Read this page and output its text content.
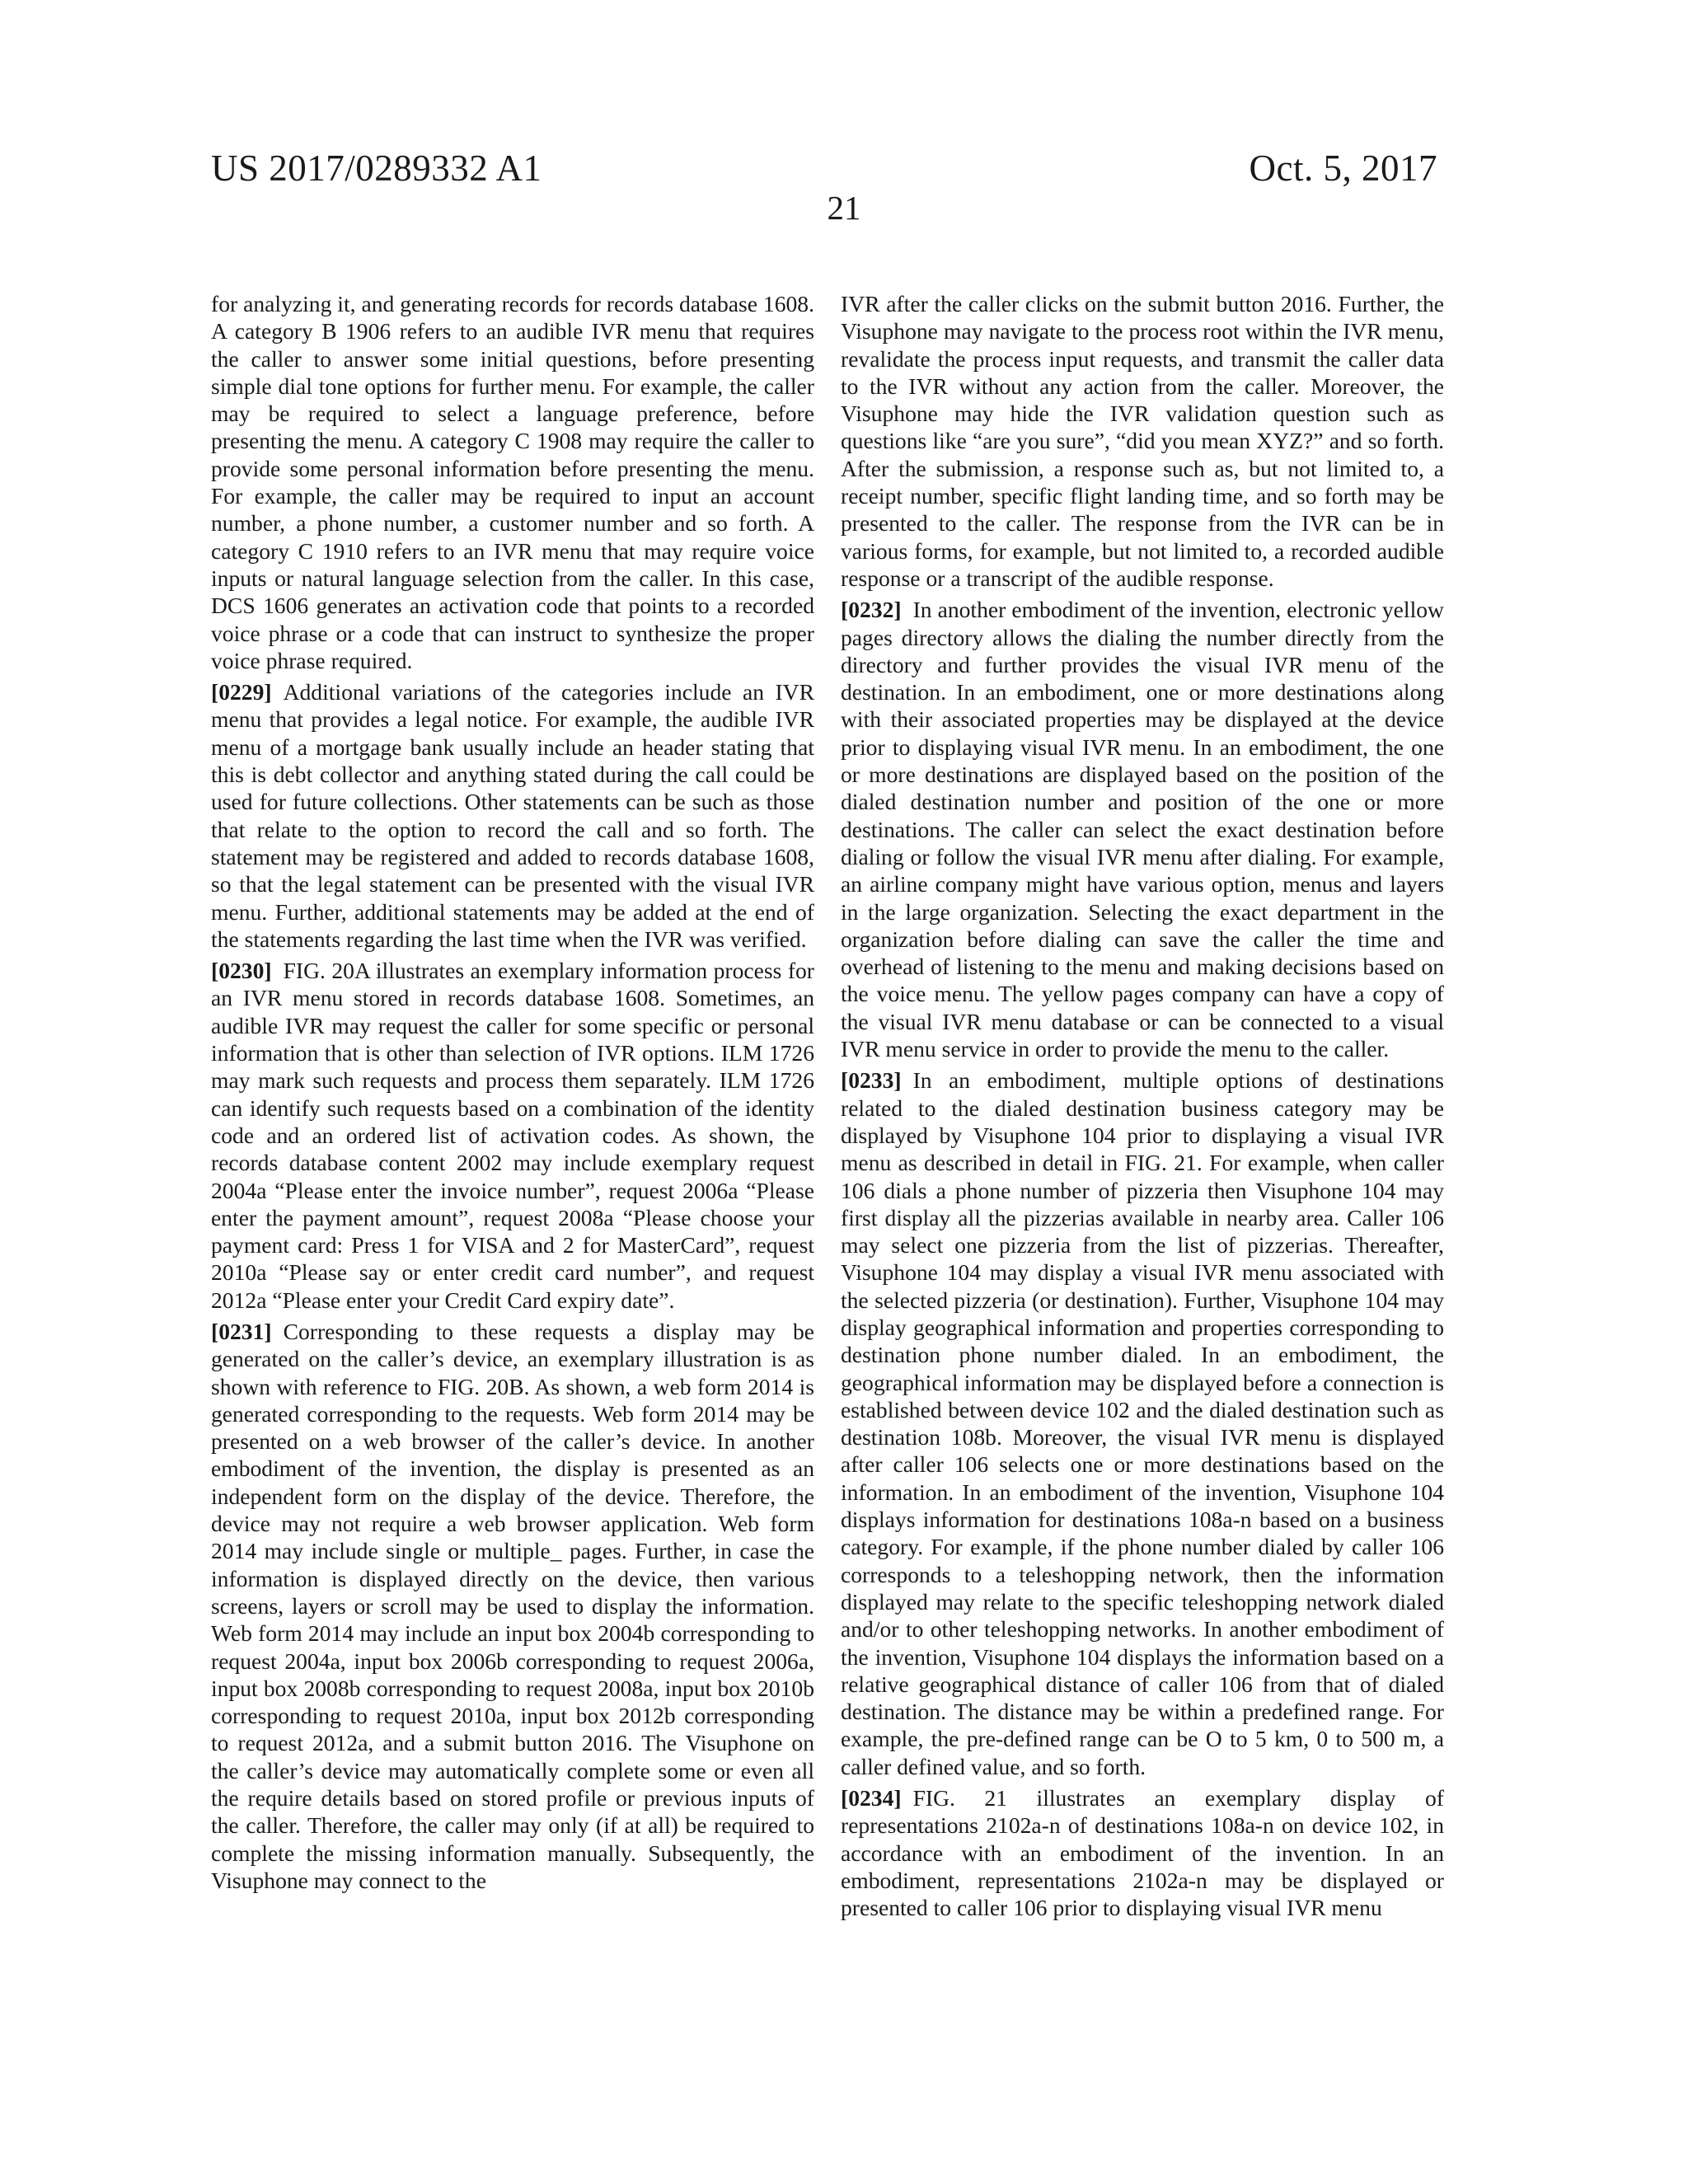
US 2017/0289332 A1	Oct. 5, 2017
21

for analyzing it, and generating records for records database 1608. A category B 1906 refers to an audible IVR menu that requires the caller to answer some initial questions, before presenting simple dial tone options for further menu. For example, the caller may be required to select a language preference, before presenting the menu. A category C 1908 may require the caller to provide some personal information before presenting the menu. For example, the caller may be required to input an account number, a phone number, a customer number and so forth. A category C 1910 refers to an IVR menu that may require voice inputs or natural language selection from the caller. In this case, DCS 1606 generates an activation code that points to a recorded voice phrase or a code that can instruct to synthesize the proper voice phrase required.

[0229] Additional variations of the categories include an IVR menu that provides a legal notice. For example, the audible IVR menu of a mortgage bank usually include an header stating that this is debt collector and anything stated during the call could be used for future collections. Other statements can be such as those that relate to the option to record the call and so forth. The statement may be registered and added to records database 1608, so that the legal statement can be presented with the visual IVR menu. Further, additional statements may be added at the end of the statements regarding the last time when the IVR was verified.

[0230] FIG. 20A illustrates an exemplary information process for an IVR menu stored in records database 1608. Sometimes, an audible IVR may request the caller for some specific or personal information that is other than selection of IVR options. ILM 1726 may mark such requests and process them separately. ILM 1726 can identify such requests based on a combination of the identity code and an ordered list of activation codes. As shown, the records database content 2002 may include exemplary request 2004a “Please enter the invoice number”, request 2006a “Please enter the payment amount”, request 2008a “Please choose your payment card: Press 1 for VISA and 2 for MasterCard”, request 2010a “Please say or enter credit card number”, and request 2012a “Please enter your Credit Card expiry date”.

[0231] Corresponding to these requests a display may be generated on the caller’s device, an exemplary illustration is as shown with reference to FIG. 20B. As shown, a web form 2014 is generated corresponding to the requests. Web form 2014 may be presented on a web browser of the caller’s device. In another embodiment of the invention, the display is presented as an independent form on the display of the device. Therefore, the device may not require a web browser application. Web form 2014 may include single or multiple_ pages. Further, in case the information is displayed directly on the device, then various screens, layers or scroll may be used to display the information. Web form 2014 may include an input box 2004b corresponding to request 2004a, input box 2006b corresponding to request 2006a, input box 2008b corresponding to request 2008a, input box 2010b corresponding to request 2010a, input box 2012b corresponding to request 2012a, and a submit button 2016. The Visuphone on the caller’s device may automatically complete some or even all the require details based on stored profile or previous inputs of the caller. Therefore, the caller may only (if at all) be required to complete the missing information manually. Subsequently, the Visuphone may connect to the

IVR after the caller clicks on the submit button 2016. Further, the Visuphone may navigate to the process root within the IVR menu, revalidate the process input requests, and transmit the caller data to the IVR without any action from the caller. Moreover, the Visuphone may hide the IVR validation question such as questions like “are you sure”, “did you mean XYZ?” and so forth. After the submission, a response such as, but not limited to, a receipt number, specific flight landing time, and so forth may be presented to the caller. The response from the IVR can be in various forms, for example, but not limited to, a recorded audible response or a transcript of the audible response.

[0232] In another embodiment of the invention, electronic yellow pages directory allows the dialing the number directly from the directory and further provides the visual IVR menu of the destination. In an embodiment, one or more destinations along with their associated properties may be displayed at the device prior to displaying visual IVR menu. In an embodiment, the one or more destinations are displayed based on the position of the dialed destination number and position of the one or more destinations. The caller can select the exact destination before dialing or follow the visual IVR menu after dialing. For example, an airline company might have various option, menus and layers in the large organization. Selecting the exact department in the organization before dialing can save the caller the time and overhead of listening to the menu and making decisions based on the voice menu. The yellow pages company can have a copy of the visual IVR menu database or can be connected to a visual IVR menu service in order to provide the menu to the caller.

[0233] In an embodiment, multiple options of destinations related to the dialed destination business category may be displayed by Visuphone 104 prior to displaying a visual IVR menu as described in detail in FIG. 21. For example, when caller 106 dials a phone number of pizzeria then Visuphone 104 may first display all the pizzerias available in nearby area. Caller 106 may select one pizzeria from the list of pizzerias. Thereafter, Visuphone 104 may display a visual IVR menu associated with the selected pizzeria (or destination). Further, Visuphone 104 may display geographical information and properties corresponding to destination phone number dialed. In an embodiment, the geographical information may be displayed before a connection is established between device 102 and the dialed destination such as destination 108b. Moreover, the visual IVR menu is displayed after caller 106 selects one or more destinations based on the information. In an embodiment of the invention, Visuphone 104 displays information for destinations 108a-n based on a business category. For example, if the phone number dialed by caller 106 corresponds to a teleshopping network, then the information displayed may relate to the specific teleshopping network dialed and/or to other teleshopping networks. In another embodiment of the invention, Visuphone 104 displays the information based on a relative geographical distance of caller 106 from that of dialed destination. The distance may be within a predefined range. For example, the pre-defined range can be O to 5 km, 0 to 500 m, a caller defined value, and so forth.

[0234] FIG. 21 illustrates an exemplary display of representations 2102a-n of destinations 108a-n on device 102, in accordance with an embodiment of the invention. In an embodiment, representations 2102a-n may be displayed or presented to caller 106 prior to displaying visual IVR menu
